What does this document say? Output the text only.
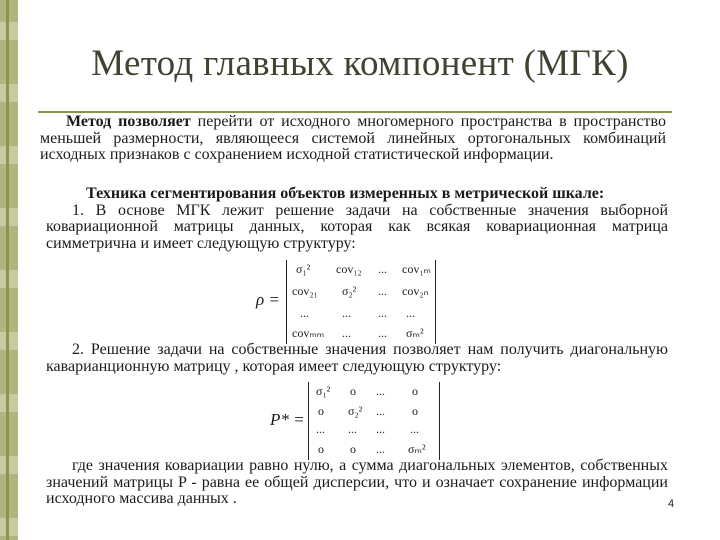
Метод главных компонент (МГК)

Метод позволяет перейти от исходного многомерного пространства в пространство меньшей размерности, являющееся системой линейных ортогональных комбинаций исходных признаков с сохранением исходной статистической информации.

Техника сегментирования объектов измеренных в метрической шкале:
1. В основе МГК лежит решение задачи на собственные значения выборной ковариационной матрицы данных, которая как всякая ковариационная матрица симметрична и имеет следующую структуру:

ρ =
σ₁² cov₁₂ ... cov₁ₘ
cov₂₁ σ₂² ... cov₂ₙ
...	... ... ...
covₘₘ ... ... σₘ²

2. Решение задачи на собственные значения позволяет нам получить диагональную каварианционную матрицу , которая имеет следующую структуру:

P* =
σ₁² o ... o
o σ₂² ... o
... ... ... ...
o o ... σₘ²

где значения ковариации равно нулю, а сумма диагональных элементов, собственных значений матрицы P - равна ее общей дисперсии, что и означает сохранение информации исходного массива данных .	4
